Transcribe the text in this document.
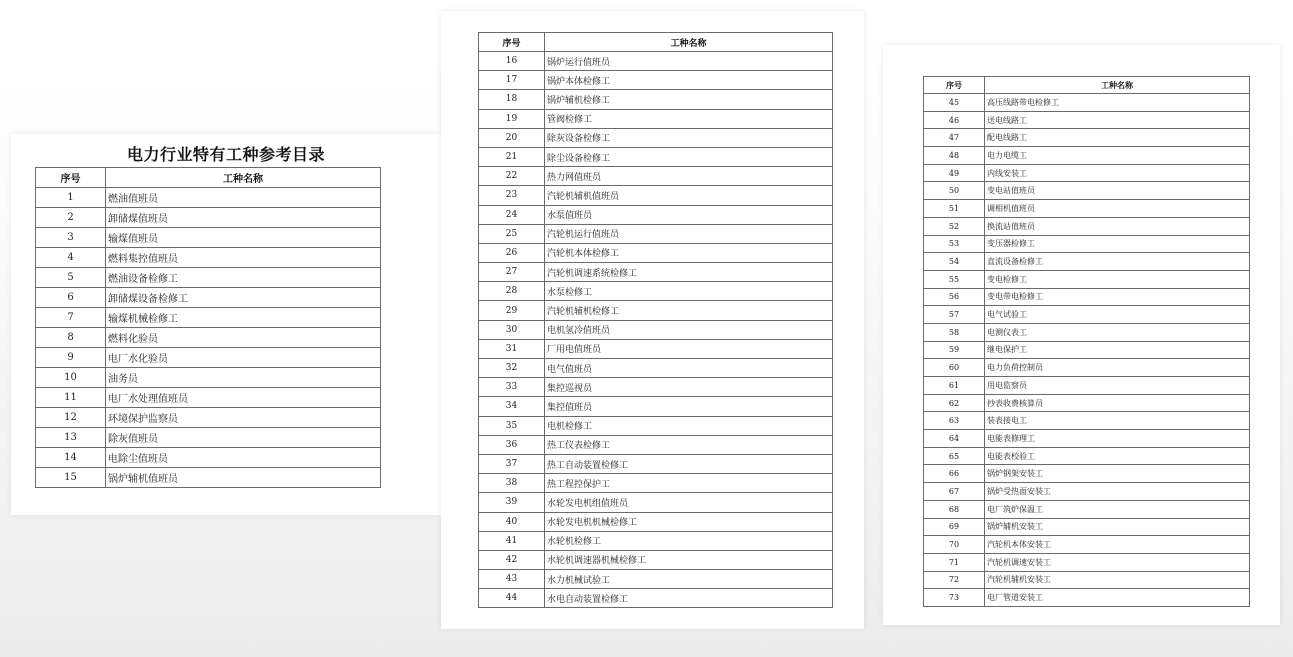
电力行业特有工种参考目录
序号	工种名称
1	燃油值班员
2	卸储煤值班员
3	输煤值班员
4	燃料集控值班员
5	燃油设备检修工
6	卸储煤设备检修工
7	输煤机械检修工
8	燃料化验员
9	电厂水化验员
10	油务员
11	电厂水处理值班员
12	环境保护监察员
13	除灰值班员
14	电除尘值班员
15	锅炉辅机值班员
序号	工种名称
16	锅炉运行值班员
17	锅炉本体检修工
18	锅炉辅机检修工
19	管阀检修工
20	除灰设备检修工
21	除尘设备检修工
22	热力网值班员
23	汽轮机辅机值班员
24	水泵值班员
25	汽轮机运行值班员
26	汽轮机本体检修工
27	汽轮机调速系统检修工
28	水泵检修工
29	汽轮机辅机检修工
30	电机氢冷值班员
31	厂用电值班员
32	电气值班员
33	集控巡视员
34	集控值班员
35	电机检修工
36	热工仪表检修工
37	热工自动装置检修工
38	热工程控保护工
39	水轮发电机组值班员
40	水轮发电机机械检修工
41	水轮机检修工
42	水轮机调速器机械检修工
43	水力机械试验工
44	水电自动装置检修工
序号	工种名称
45	高压线路带电检修工
46	送电线路工
47	配电线路工
48	电力电缆工
49	内线安装工
50	变电站值班员
51	调相机值班员
52	换流站值班员
53	变压器检修工
54	直流设备检修工
55	变电检修工
56	变电带电检修工
57	电气试验工
58	电测仪表工
59	继电保护工
60	电力负荷控制员
61	用电监察员
62	抄表收费核算员
63	装表接电工
64	电能表修理工
65	电能表校验工
66	锅炉钢架安装工
67	锅炉受热面安装工
68	电厂筑炉保温工
69	锅炉辅机安装工
70	汽轮机本体安装工
71	汽轮机调速安装工
72	汽轮机辅机安装工
73	电厂管道安装工
